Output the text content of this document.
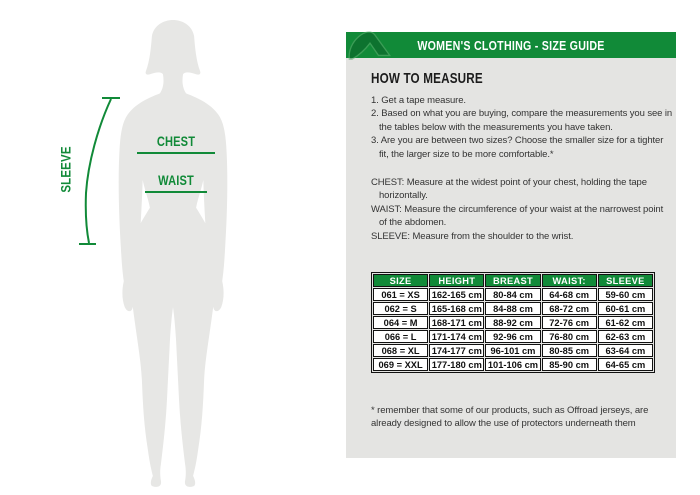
SLEEVE
CHEST
WAIST
WOMEN'S CLOTHING - SIZE GUIDE
HOW TO MEASURE
1. Get a tape measure.
2. Based on what you are buying, compare the measurements you see in the tables below with the measurements you have taken.
3. Are you are between two sizes? Choose the smaller size for a tighter fit, the larger size to be more comfortable.*
CHEST: Measure at the widest point of your chest, holding the tape horizontally.
WAIST: Measure the circumference of your waist at the narrowest point of the abdomen.
SLEEVE: Measure from the shoulder to the wrist.
SIZE	HEIGHT	BREAST	WAIST:	SLEEVE
061 = XS	162-165 cm	80-84 cm	64-68 cm	59-60 cm
062 = S	165-168 cm	84-88 cm	68-72 cm	60-61 cm
064 = M	168-171 cm	88-92 cm	72-76 cm	61-62 cm
066 = L	171-174 cm	92-96 cm	76-80 cm	62-63 cm
068 = XL	174-177 cm	96-101 cm	80-85 cm	63-64 cm
069 = XXL	177-180 cm	101-106 cm	85-90 cm	64-65 cm
* remember that some of our products, such as Offroad jerseys, are already designed to allow the use of protectors underneath them
